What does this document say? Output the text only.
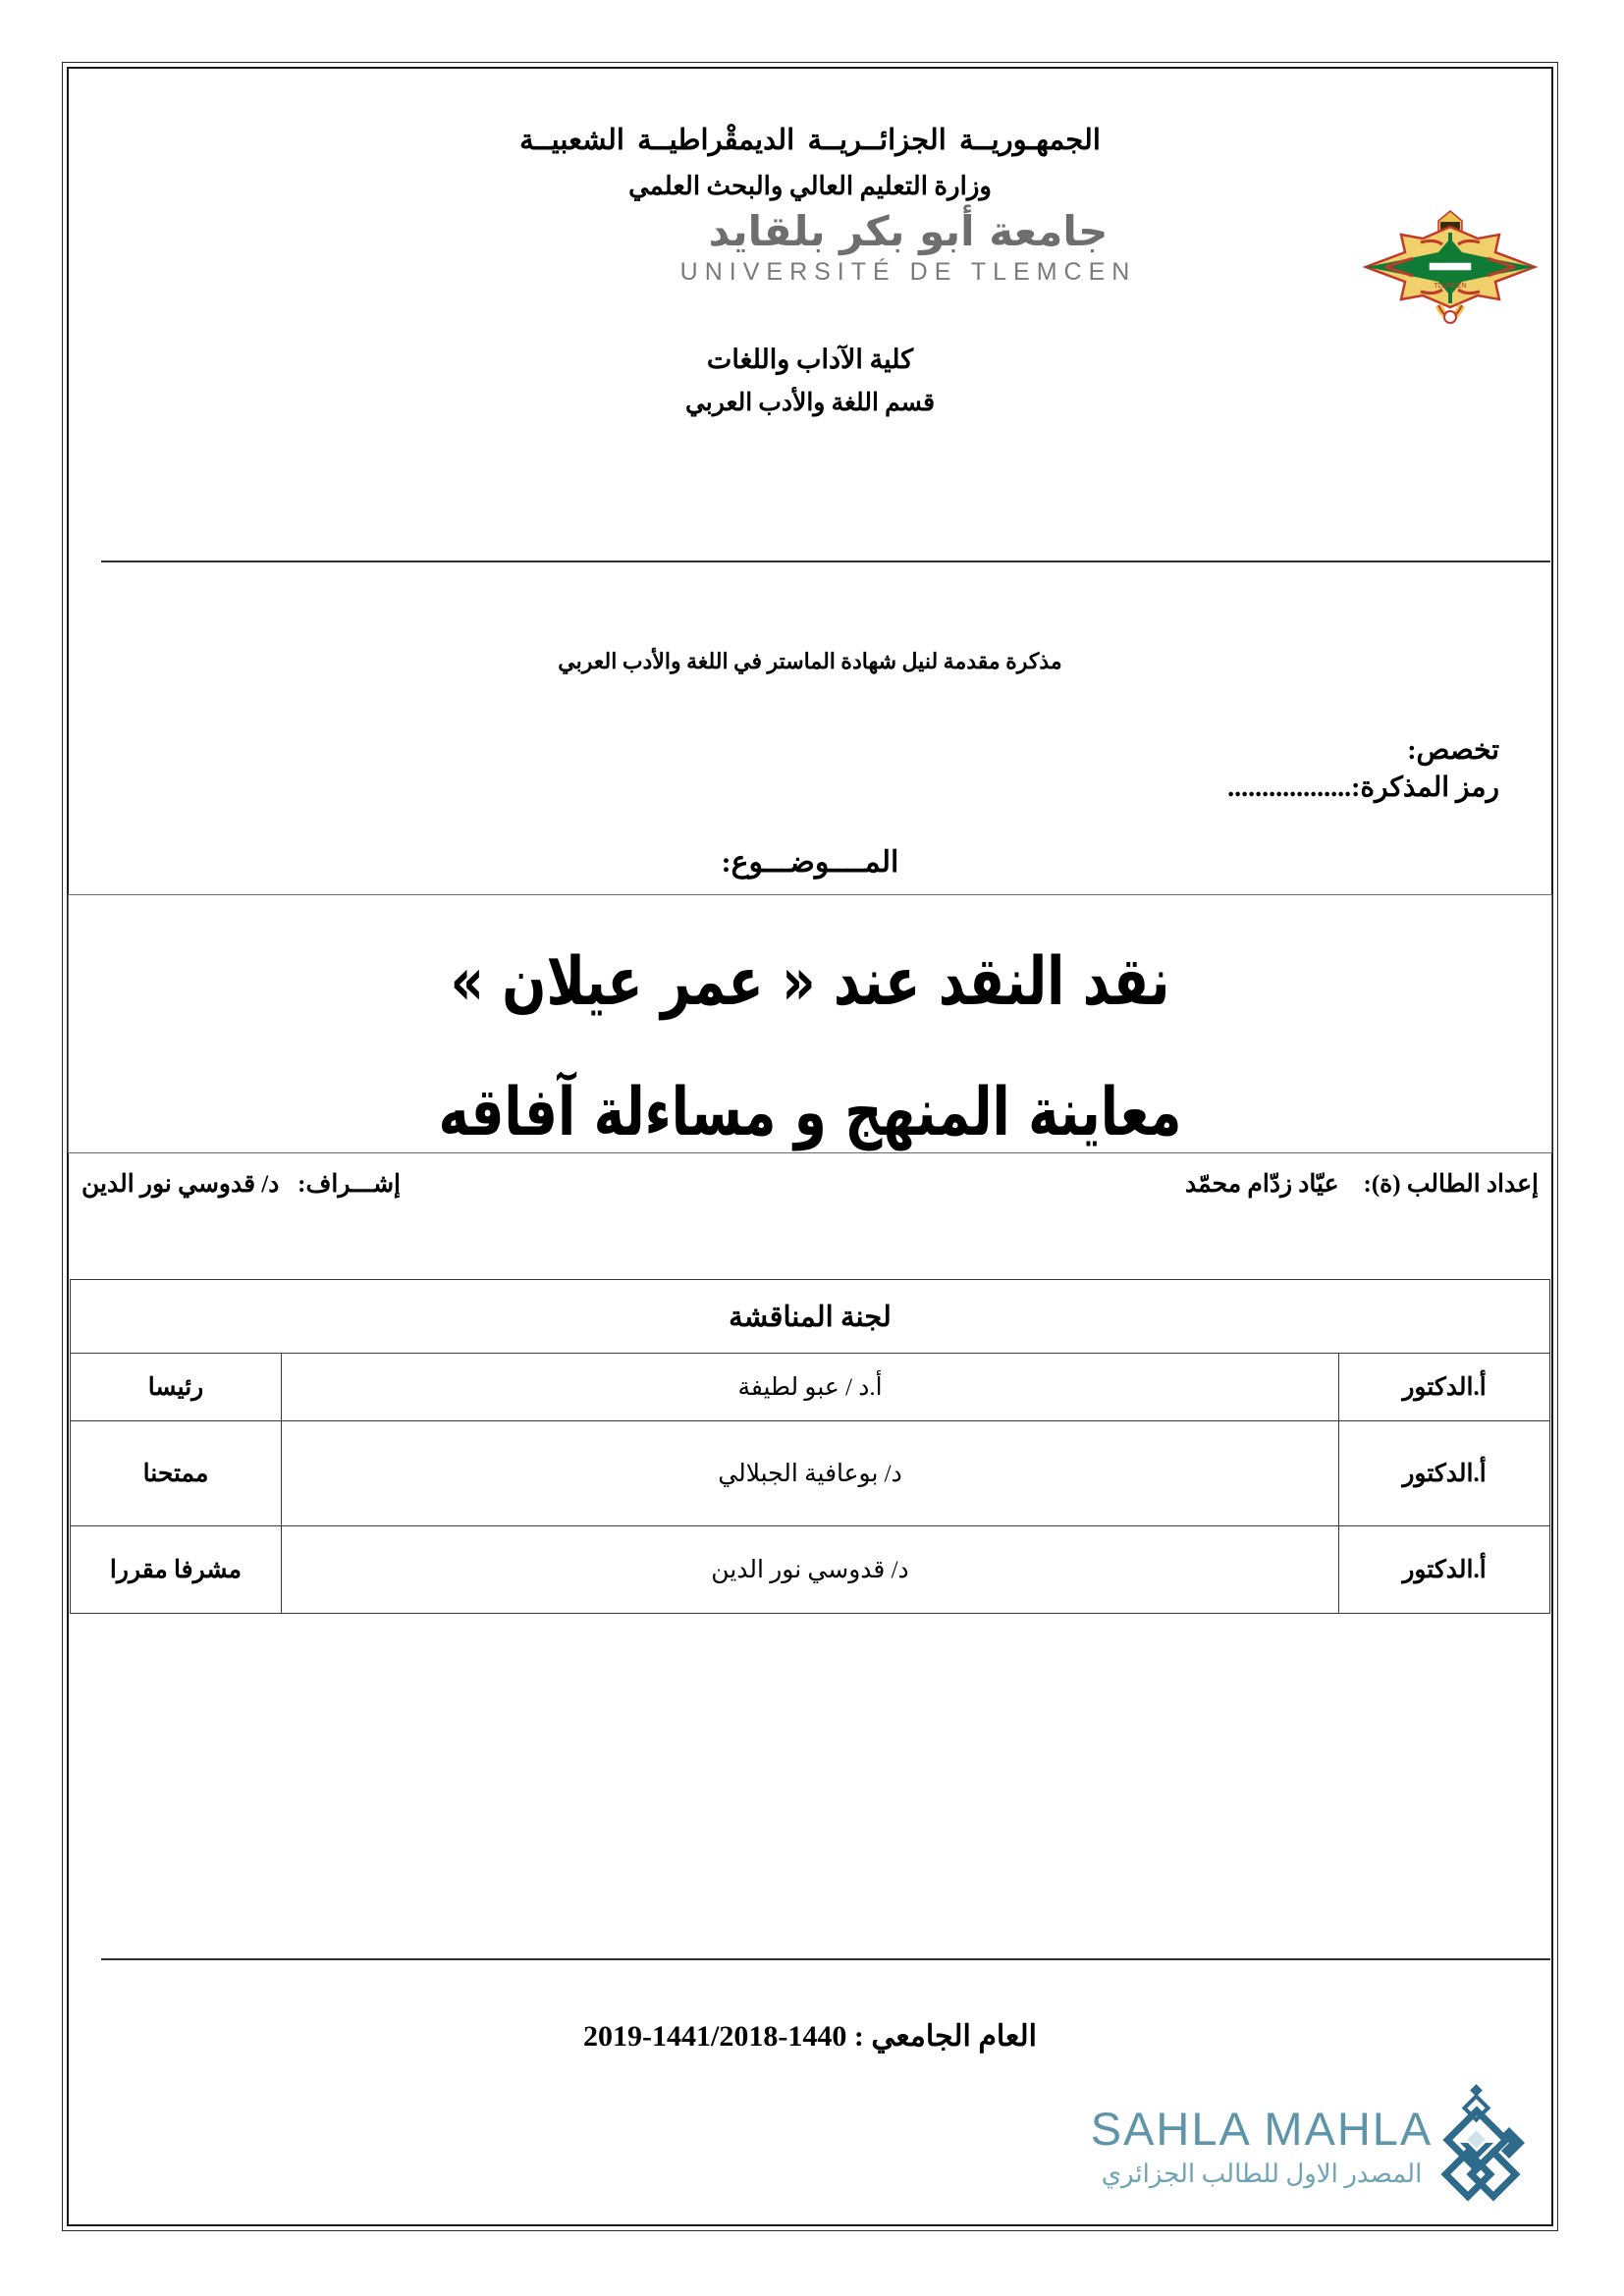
الجمهـوريــة الجزائــريــة الديمقْراطيــة الشعبيــة
وزارة التعليم العالي والبحث العلمي
جامعة أبو بكر بلقايد
UNIVERSITÉ DE TLEMCEN	TLEMCEN
كلية الآداب واللغات
قسم اللغة والأدب العربي
مذكرة مقدمة لنيل شهادة الماستر في اللغة والأدب العربي
تخصص:
رمز المذكرة:..................
المــــوضـــوع:
نقد النقد عند « عمر عيلان »
معاينة المنهج و مساءلة آفاقه
إعداد الطالب (ة):    عيّاد زدّام محمّد
إشـــراف:   د/ قدوسي نور الدين
لجنة المناقشة		
أ.الدكتور	أ.د / عبو لطيفة	رئيسا
أ.الدكتور	د/ بوعافية الجبلالي	ممتحنا
أ.الدكتور	د/ قدوسي نور الدين	مشرفا مقررا
العام الجامعي : 1440-1441/2018-2019
SAHLA MAHLA
المصدر الاول للطالب الجزائري
